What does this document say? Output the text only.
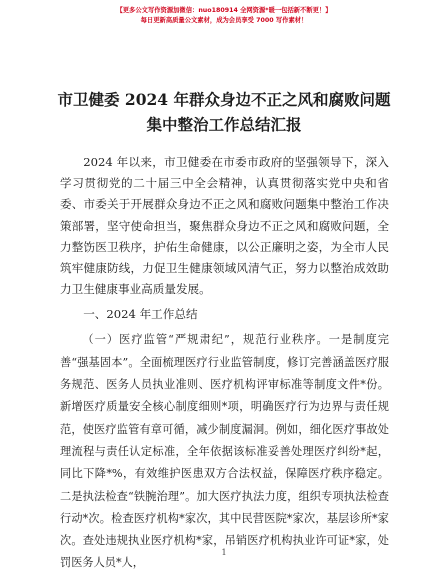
【更多公文写作资源加微信：nuo180914 全网资源*暖一包括新不断更！】
每日更新高质量公文素材，成为会员享受 7000 写作素材！
市卫健委 2024 年群众身边不正之风和腐败问题
集中整治工作总结汇报

2024 年以来，市卫健委在市委市政府的坚强领导下，深入学习贯彻党的二十届三中全会精神，认真贯彻落实党中央和省委、市委关于开展群众身边不正之风和腐败问题集中整治工作决策部署，坚守使命担当，聚焦群众身边不正之风和腐败问题，全力整饬医卫秩序，护佑生命健康，以公正廉明之姿，为全市人民筑牢健康防线，力促卫生健康领域风清气正，努力以整治成效助力卫生健康事业高质量发展。

一、2024 年工作总结

（一）医疗监管“严规肃纪”，规范行业秩序。一是制度完善“强基固本”。全面梳理医疗行业监管制度，修订完善涵盖医疗服务规范、医务人员执业准则、医疗机构评审标准等制度文件*份。新增医疗质量安全核心制度细则*项，明确医疗行为边界与责任规范，使医疗监管有章可循，减少制度漏洞。例如，细化医疗事故处理流程与责任认定标准，全年依据该标准妥善处理医疗纠纷*起，同比下降*%，有效维护医患双方合法权益，保障医疗秩序稳定。二是执法检查“铁腕治理”。加大医疗执法力度，组织专项执法检查行动*次。检查医疗机构*家次，其中民营医院*家次，基层诊所*家次。查处违规执业医疗机构*家，吊销医疗机构执业许可证*家，处罚医务人员*人，

1
